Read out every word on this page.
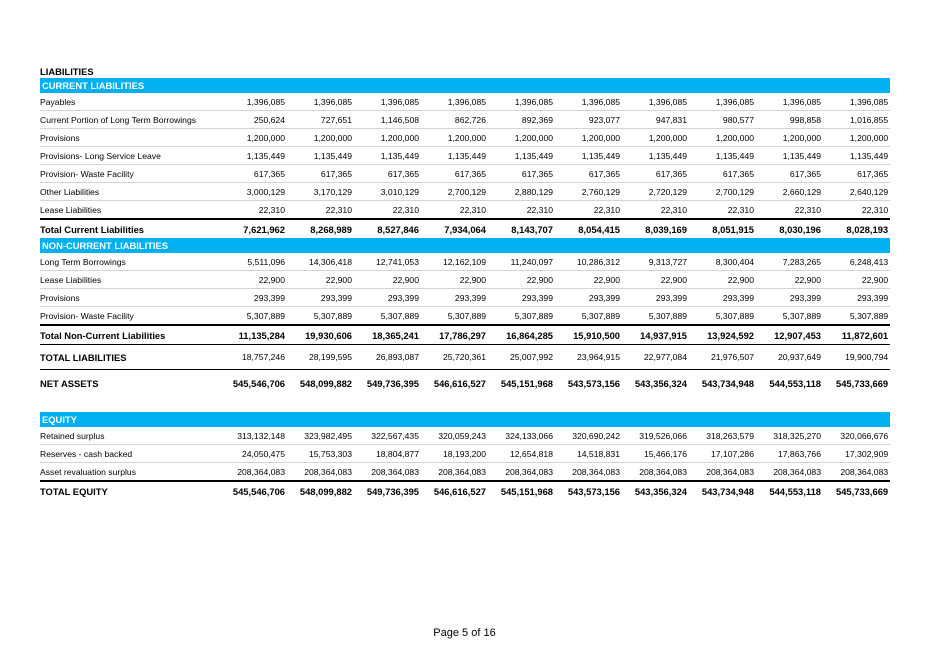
LIABILITIES										
CURRENT LIABILITIES										
Payables	1,396,085	1,396,085	1,396,085	1,396,085	1,396,085	1,396,085	1,396,085	1,396,085	1,396,085	1,396,085
Current Portion of Long Term Borrowings	250,624	727,651	1,146,508	862,726	892,369	923,077	947,831	980,577	998,858	1,016,855
Provisions	1,200,000	1,200,000	1,200,000	1,200,000	1,200,000	1,200,000	1,200,000	1,200,000	1,200,000	1,200,000
Provisions- Long Service Leave	1,135,449	1,135,449	1,135,449	1,135,449	1,135,449	1,135,449	1,135,449	1,135,449	1,135,449	1,135,449
Provision- Waste Facility	617,365	617,365	617,365	617,365	617,365	617,365	617,365	617,365	617,365	617,365
Other Liabilities	3,000,129	3,170,129	3,010,129	2,700,129	2,880,129	2,760,129	2,720,129	2,700,129	2,660,129	2,640,129
Lease Liabilities	22,310	22,310	22,310	22,310	22,310	22,310	22,310	22,310	22,310	22,310
Total Current Liabilities	7,621,962	8,268,989	8,527,846	7,934,064	8,143,707	8,054,415	8,039,169	8,051,915	8,030,196	8,028,193
NON-CURRENT LIABILITIES										
Long Term Borrowings	5,511,096	14,306,418	12,741,053	12,162,109	11,240,097	10,286,312	9,313,727	8,300,404	7,283,265	6,248,413
Lease Liabilities	22,900	22,900	22,900	22,900	22,900	22,900	22,900	22,900	22,900	22,900
Provisions	293,399	293,399	293,399	293,399	293,399	293,399	293,399	293,399	293,399	293,399
Provision- Waste Facility	5,307,889	5,307,889	5,307,889	5,307,889	5,307,889	5,307,889	5,307,889	5,307,889	5,307,889	5,307,889
Total Non-Current Liabilities	11,135,284	19,930,606	18,365,241	17,786,297	16,864,285	15,910,500	14,937,915	13,924,592	12,907,453	11,872,601
TOTAL LIABILITIES	18,757,246	28,199,595	26,893,087	25,720,361	25,007,992	23,964,915	22,977,084	21,976,507	20,937,649	19,900,794
NET ASSETS	545,546,706	548,099,882	549,736,395	546,616,527	545,151,968	543,573,156	543,356,324	543,734,948	544,553,118	545,733,669

EQUITY										
Retained surplus	313,132,148	323,982,495	322,567,435	320,059,243	324,133,066	320,690,242	319,526,066	318,263,579	318,325,270	320,066,676
Reserves - cash backed	24,050,475	15,753,303	18,804,877	18,193,200	12,654,818	14,518,831	15,466,176	17,107,286	17,863,766	17,302,909
Asset revaluation surplus	208,364,083	208,364,083	208,364,083	208,364,083	208,364,083	208,364,083	208,364,083	208,364,083	208,364,083	208,364,083
TOTAL EQUITY	545,546,706	548,099,882	549,736,395	546,616,527	545,151,968	543,573,156	543,356,324	543,734,948	544,553,118	545,733,669
Page 5 of 16
